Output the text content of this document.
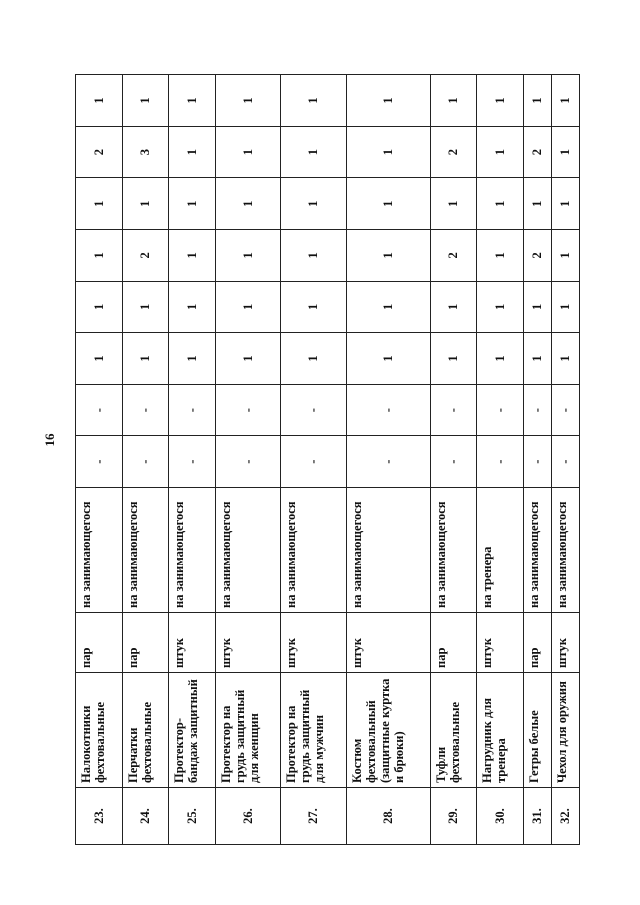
16
23.	Налокотники фехтовальные	пар	на занимающегося	-	-	1	1	1	1	2	1
24.	Перчатки фехтовальные	пар	на занимающегося	-	-	1	1	2	1	3	1
25.	Протектор-бандаж защитный	штук	на занимающегося	-	-	1	1	1	1	1	1
26.	Протектор на грудь защитный для женщин	штук	на занимающегося	-	-	1	1	1	1	1	1
27.	Протектор на грудь защитный для мужчин	штук	на занимающегося	-	-	1	1	1	1	1	1
28.	Костюм фехтовальный (защитные куртка и брюки)	штук	на занимающегося	-	-	1	1	1	1	1	1
29.	Туфли фехтовальные	пар	на занимающегося	-	-	1	1	2	1	2	1
30.	Нагрудник для тренера	штук	на тренера	-	-	1	1	1	1	1	1
31.	Гетры белые	пар	на занимающегося	-	-	1	1	2	1	2	1
32.	Чехол для оружия	штук	на занимающегося	-	-	1	1	1	1	1	1
